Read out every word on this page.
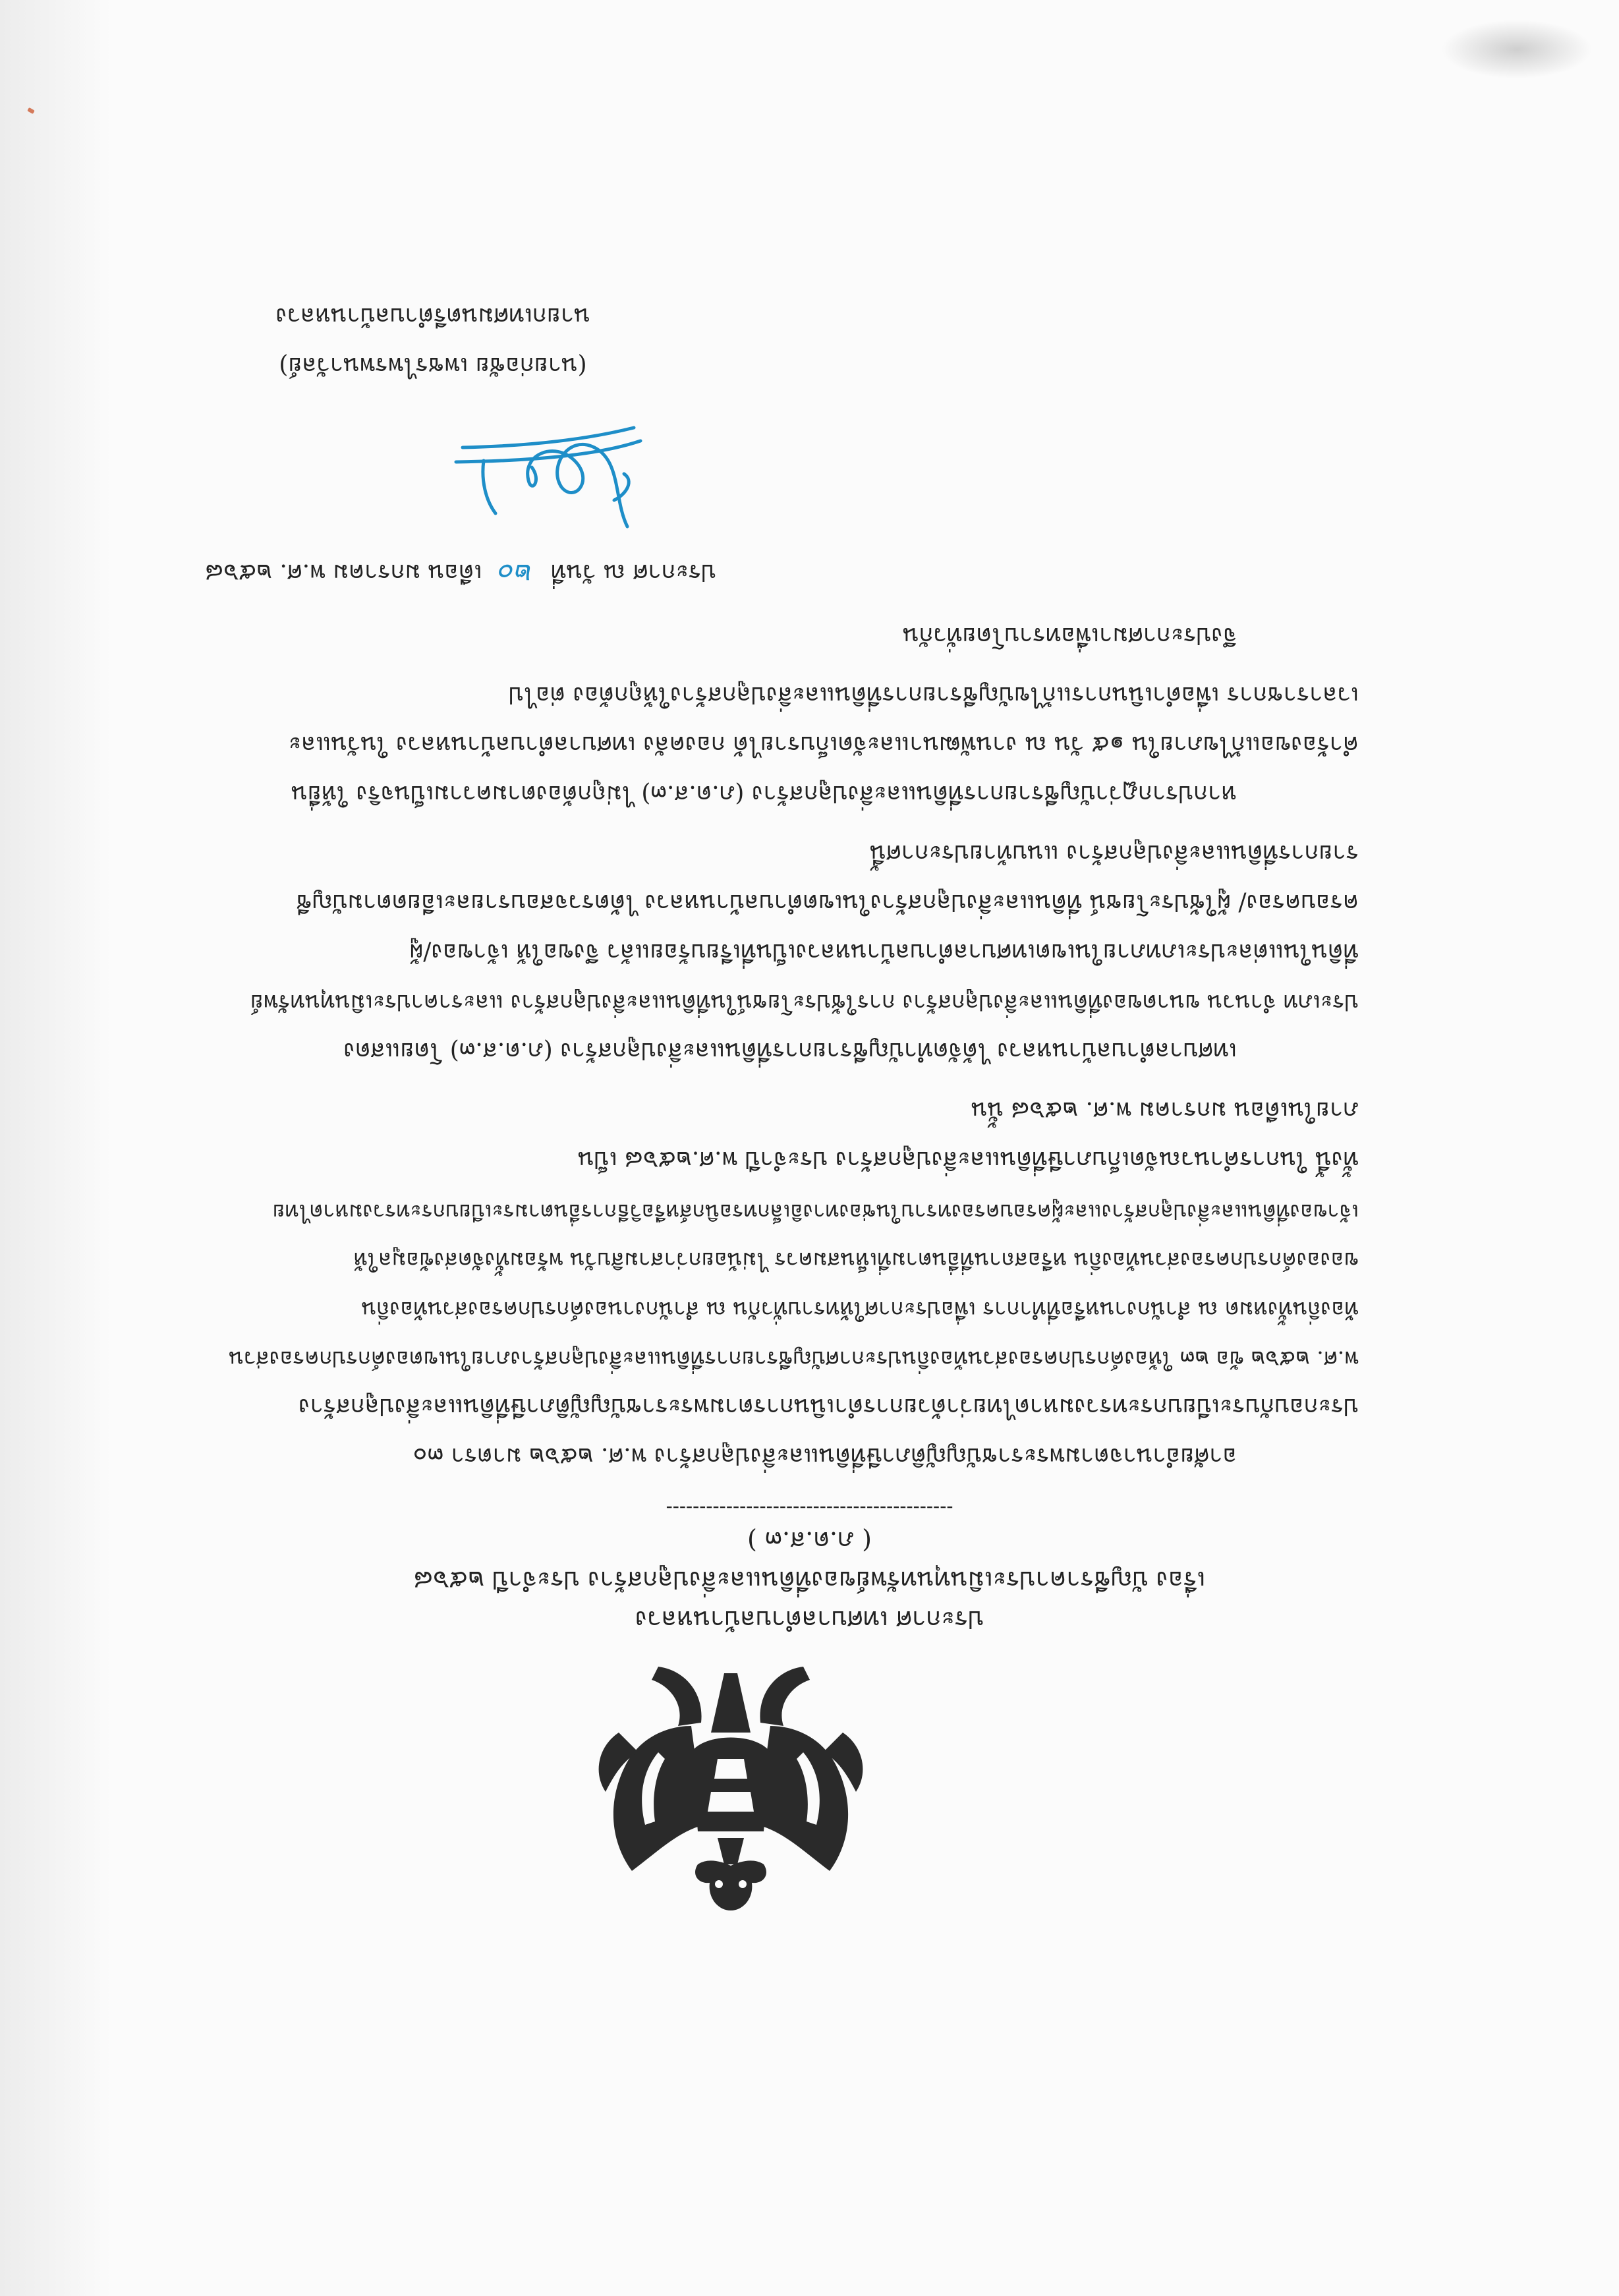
ประกาศ เทศบาลตำบลบ้านหลวง
เรื่อง บัญชีราคาประเมินทุนทรัพย์ของที่ดินและสิ่งปลูกสร้าง ประจำปี ๒๕๖๘
( ภ.ด.ส.๓ )
-------------------------------------------
อาศัยอำนาจตามพระราชบัญญัติภาษีที่ดินและสิ่งปลูกสร้าง พ.ศ. ๒๕๖๒ มาตรา ๓๐
ประกอบกับระเบียบกระทรวงมหาดไทยว่าด้วยการดำเนินการตามพระราชบัญญัติภาษีที่ดินและสิ่งปลูกสร้าง
พ.ศ. ๒๕๖๒ ข้อ ๒๓ ให้องค์กรปกครองส่วนท้องถิ่นประกาศบัญชีรายการที่ดินและสิ่งปลูกสร้างภายในเขตองค์กรปกครองส่วน
ท้องถิ่นทั้งหมด ณ สำนักงานหรือที่ทำการ เพื่อประกาศให้ทราบทั่วกัน ณ สำนักงานองค์กรปกครองส่วนท้องถิ่น
ขององค์กรปกครองส่วนท้องถิ่น หรือสถานที่อื่นตามที่เห็นสมควร ไม่น้อยกว่าสามสิบวัน พร้อมทั้งจัดส่งข้อมูลให้
เจ้าของที่ดินและสิ่งปลูกสร้างและผู้ครอบครองทราบในช่องทางอิเล็กทรอนิกส์หรือวิธีการอื่นตามระเบียบกระทรวงมหาดไทย
ทั้งนี้ ในการคำนวณจัดเก็บภาษีที่ดินและสิ่งปลูกสร้าง ประจำปี พ.ศ.๒๕๖๘ เป็น
ภายในเดือน มกราคม พ.ศ. ๒๕๖๘ นั้น
เทศบาลตำบลบ้านหลวง ได้จัดทำบัญชีรายการที่ดินและสิ่งปลูกสร้าง (ภ.ด.ส.๓) โดยแสดง
ประเภท จำนวน ขนาดของที่ดินและสิ่งปลูกสร้าง การใช้ประโยชน์ในที่ดินและสิ่งปลูกสร้าง และราคาประเมินทุนทรัพย์
ที่ดินในแต่ละประเภทภายในเขตเทศบาลตำบลบ้านหลวงเป็นที่เรียบร้อยแล้ว จึงขอให้ เจ้าของ/ผู้
ครอบครอง/ ผู้ใช้ประโยชน์ ที่ดินและสิ่งปลูกสร้างในเขตตำบลบ้านหลวง ได้ตรวจสอบรายละเอียดตามบัญชี
รายการที่ดินและสิ่งปลูกสร้าง แนบท้ายประกาศนี้
หากปรากฏว่าบัญชีรายการที่ดินและสิ่งปลูกสร้าง (ภ.ด.ส.๓) ไม่ถูกต้องตามความเป็นจริง ให้ยื่น
คำร้องขอแก้ไขภายใน ๑๕ วัน ณ งานพัฒนาและจัดเก็บรายได้ กองคลัง เทศบาลตำบลบ้านหลวง ในวันและ
เวลาราชการ เพื่อดำเนินการแก้ไขบัญชีรายการที่ดินและสิ่งปลูกสร้างให้ถูกต้อง ต่อไป
จึงประกาศมาเพื่อทราบโดยทั่วกัน
ประกาศ ณ วันที่ ๒๐ เดือน มกราคม พ.ศ. ๒๕๖๘
(นายก่อชัย เพชรไพรพนาวัลย์)
นายกเทศมนตรีตำบลบ้านหลวง
